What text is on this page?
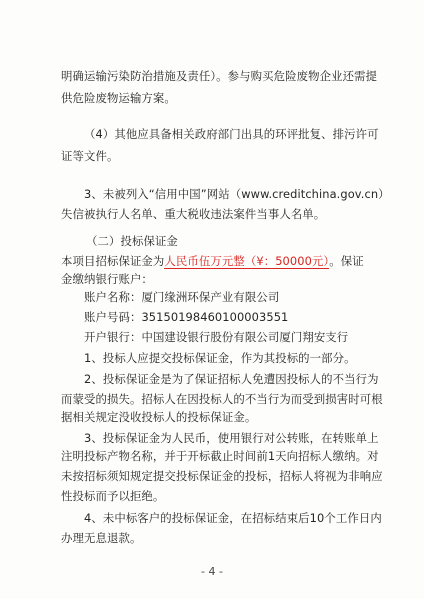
明确运输污染防治措施及责任）。参与购买危险废物企业还需提
供危险废物运输方案。
（4）其他应具备相关政府部门出具的环评批复、排污许可
证等文件。
3、未被列入“信用中国”网站（www.creditchina.gov.cn）
失信被执行人名单、重大税收违法案件当事人名单。
（二）投标保证金
本项目招标保证金为人民币伍万元整（¥：50000元）。保证
金缴纳银行账户：
账户名称：厦门缘洲环保产业有限公司
账户号码：35150198460100003551
开户银行：中国建设银行股份有限公司厦门翔安支行
1、投标人应提交投标保证金，作为其投标的一部分。
2、投标保证金是为了保证招标人免遭因投标人的不当行为
而蒙受的损失。招标人在因投标人的不当行为而受到损害时可根
据相关规定没收投标人的投标保证金。
3、投标保证金为人民币，使用银行对公转账，在转账单上
注明投标产物名称，并于开标截止时间前1天向招标人缴纳。对
未按招标须知规定提交投标保证金的投标，招标人将视为非响应
性投标而予以拒绝。
4、未中标客户的投标保证金，在招标结束后10个工作日内
办理无息退款。
- 4 -
